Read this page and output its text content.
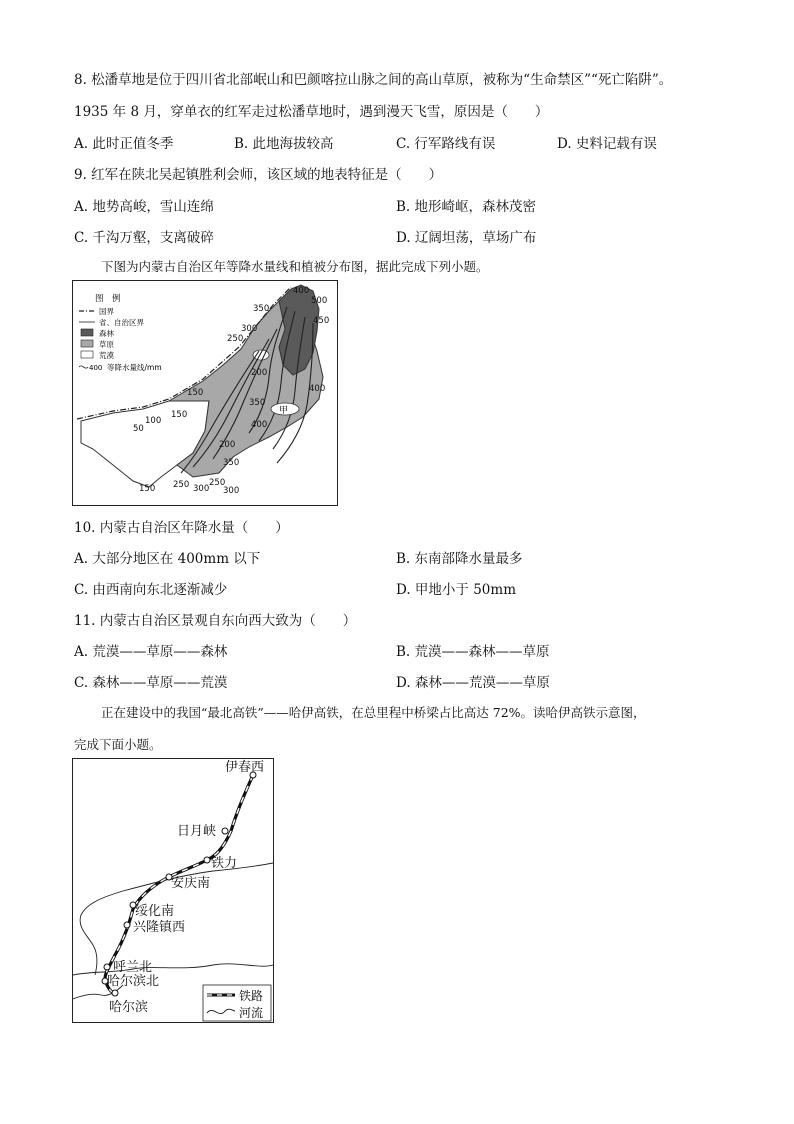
8. 松潘草地是位于四川省北部岷山和巴颜喀拉山脉之间的高山草原，被称为“生命禁区”“死亡陷阱”。
1935 年 8 月，穿单衣的红军走过松潘草地时，遇到漫天飞雪，原因是（　　）
A. 此时正值冬季	B. 此地海拔较高	C. 行军路线有误	D. 史料记载有误
9. 红军在陕北吴起镇胜利会师，该区域的地表特征是（　　）
A. 地势高峻，雪山连绵	B. 地形崎岖，森林茂密
C. 千沟万壑，支离破碎	D. 辽阔坦荡，草场广布
下图为内蒙古自治区年等降水量线和植被分布图，据此完成下列小题。
甲
400
500
450
350
300
250
200
400
150
350
400
100
150
50
200
300
250
350
150 250 300
图　例
国界
省、自治区界
森林
草原
荒漠
400 等降水量线/mm
10. 内蒙古自治区年降水量（　　）
A. 大部分地区在 400mm 以下	B. 东南部降水量最多
C. 由西南向东北逐渐减少	D. 甲地小于 50mm
11. 内蒙古自治区景观自东向西大致为（　　）
A. 荒漠——草原——森林	B. 荒漠——森林——草原
C. 森林——草原——荒漠	D. 森林——荒漠——草原
正在建设中的我国“最北高铁”——哈伊高铁，在总里程中桥梁占比高达 72%。读哈伊高铁示意图，
完成下面小题。
伊春西
日月峡
铁力
安庆南
绥化南
兴隆镇西
呼兰北
哈尔滨北
哈尔滨
铁路
河流
